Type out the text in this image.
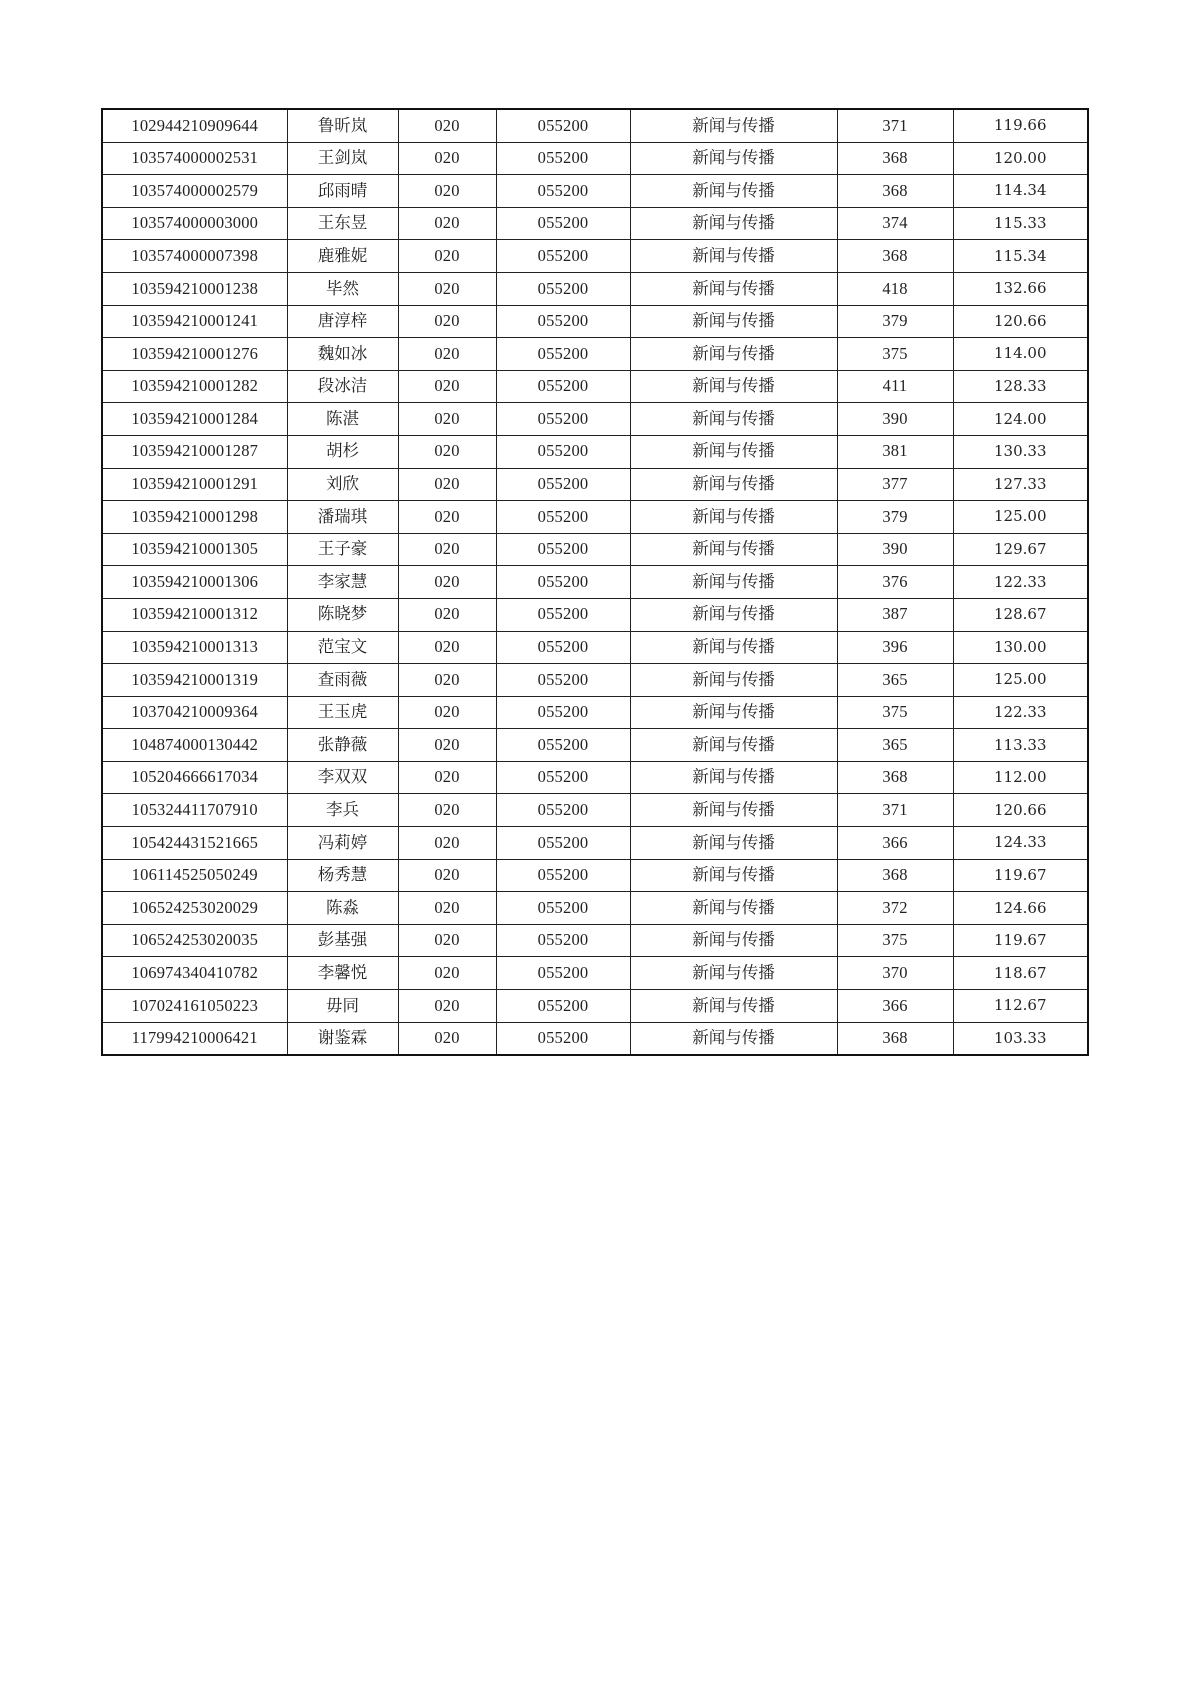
102944210909644	鲁昕岚	020	055200	新闻与传播	371	119.66
103574000002531	王剑岚	020	055200	新闻与传播	368	120.00
103574000002579	邱雨晴	020	055200	新闻与传播	368	114.34
103574000003000	王东昱	020	055200	新闻与传播	374	115.33
103574000007398	鹿雅妮	020	055200	新闻与传播	368	115.34
103594210001238	毕然	020	055200	新闻与传播	418	132.66
103594210001241	唐淳梓	020	055200	新闻与传播	379	120.66
103594210001276	魏如冰	020	055200	新闻与传播	375	114.00
103594210001282	段冰洁	020	055200	新闻与传播	411	128.33
103594210001284	陈湛	020	055200	新闻与传播	390	124.00
103594210001287	胡杉	020	055200	新闻与传播	381	130.33
103594210001291	刘欣	020	055200	新闻与传播	377	127.33
103594210001298	潘瑞琪	020	055200	新闻与传播	379	125.00
103594210001305	王子豪	020	055200	新闻与传播	390	129.67
103594210001306	李家慧	020	055200	新闻与传播	376	122.33
103594210001312	陈晓梦	020	055200	新闻与传播	387	128.67
103594210001313	范宝文	020	055200	新闻与传播	396	130.00
103594210001319	查雨薇	020	055200	新闻与传播	365	125.00
103704210009364	王玉虎	020	055200	新闻与传播	375	122.33
104874000130442	张静薇	020	055200	新闻与传播	365	113.33
105204666617034	李双双	020	055200	新闻与传播	368	112.00
105324411707910	李兵	020	055200	新闻与传播	371	120.66
105424431521665	冯莉婷	020	055200	新闻与传播	366	124.33
106114525050249	杨秀慧	020	055200	新闻与传播	368	119.67
106524253020029	陈淼	020	055200	新闻与传播	372	124.66
106524253020035	彭基强	020	055200	新闻与传播	375	119.67
106974340410782	李馨悦	020	055200	新闻与传播	370	118.67
107024161050223	毋同	020	055200	新闻与传播	366	112.67
117994210006421	谢鉴霖	020	055200	新闻与传播	368	103.33
